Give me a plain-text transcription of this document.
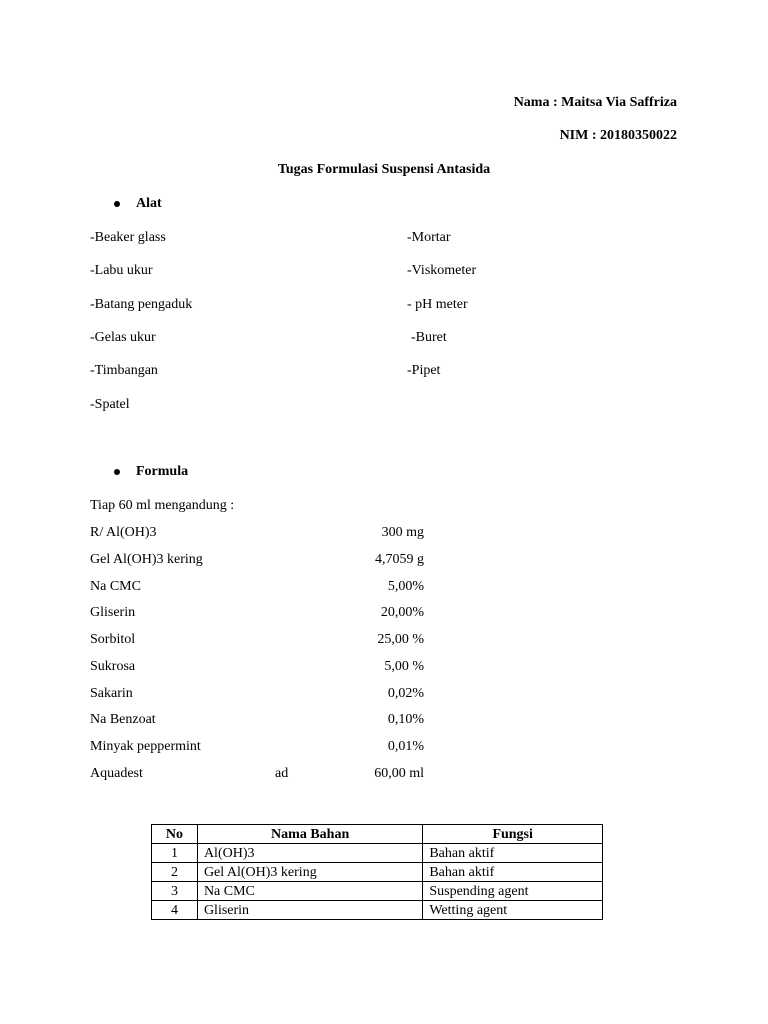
Nama : Maitsa Via Saffriza
NIM : 20180350022
Tugas Formulasi Suspensi Antasida
Alat
-Beaker glass
-Labu ukur
-Batang pengaduk
-Gelas ukur
-Timbangan
-Spatel
-Mortar
-Viskometer
- pH meter
-Buret
-Pipet
Formula
Tiap 60 ml mengandung :
R/ Al(OH)3	300 mg
Gel Al(OH)3 kering	4,7059 g
Na CMC	5,00%
Gliserin	20,00%
Sorbitol	25,00 %
Sukrosa	5,00 %
Sakarin	0,02%
Na Benzoat	0,10%
Minyak peppermint	0,01%
Aquadest	ad	60,00 ml
No	Nama Bahan	Fungsi
1	Al(OH)3	Bahan aktif
2	Gel Al(OH)3 kering	Bahan aktif
3	Na CMC	Suspending agent
4	Gliserin	Wetting agent
